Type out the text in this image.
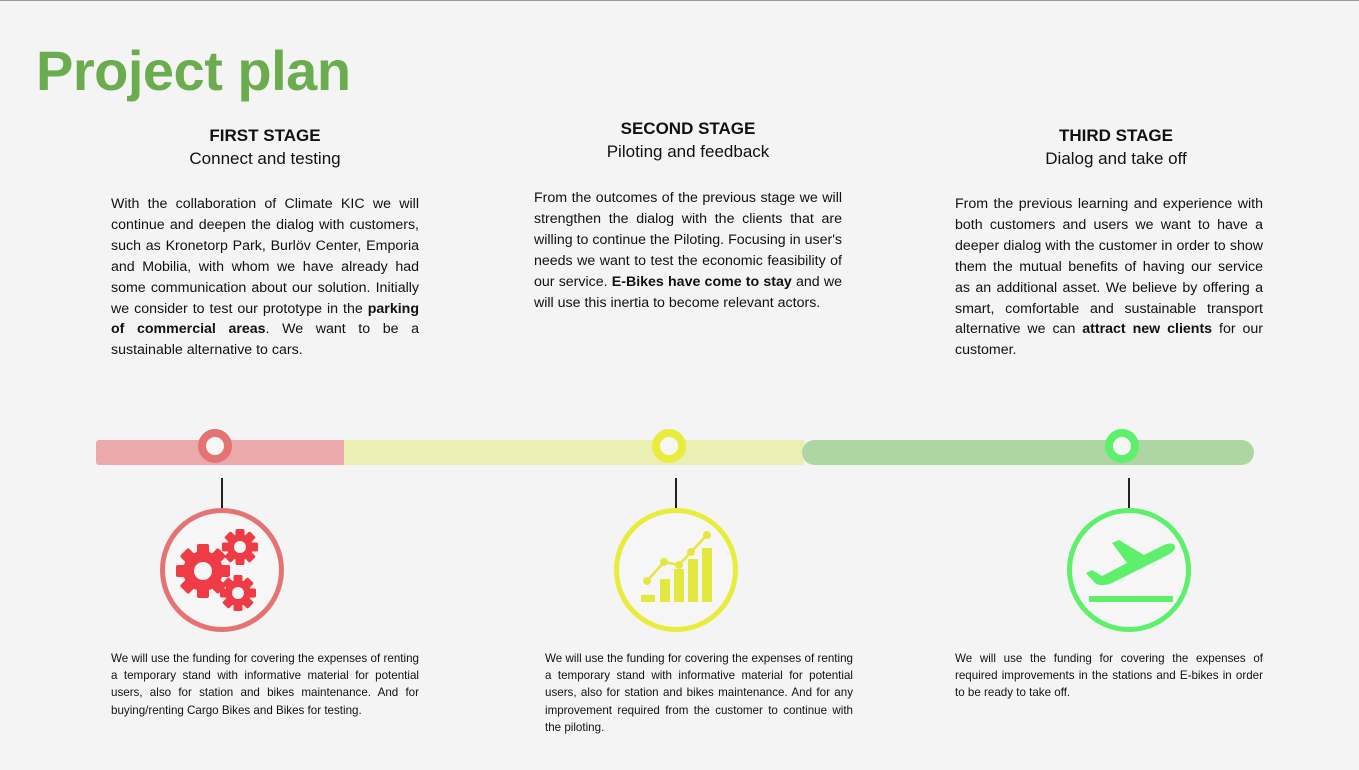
Project plan
FIRST STAGE
Connect and testing
SECOND STAGE
Piloting and feedback
THIRD STAGE
Dialog and take off

With the collaboration of Climate KIC we will continue and deepen the dialog with customers, such as Kronetorp Park, Burlöv Center, Emporia and Mobilia, with whom we have already had some communication about our solution. Initially we consider to test our prototype in the parking of commercial areas. We want to be a sustainable alternative to cars.

From the outcomes of the previous stage we will strengthen the dialog with the clients that are willing to continue the Piloting. Focusing in user's needs we want to test the economic feasibility of our service. E-Bikes have come to stay and we will use this inertia to become relevant actors.

From the previous learning and experience with both customers and users we want to have a deeper dialog with the customer in order to show them the mutual benefits of having our service as an additional asset. We believe by offering a smart, comfortable and sustainable transport alternative we can attract new clients for our customer.

We will use the funding for covering the expenses of renting a temporary stand with informative material for potential users, also for station and bikes maintenance. And for buying/renting Cargo Bikes and Bikes for testing.

We will use the funding for covering the expenses of renting a temporary stand with informative material for potential users, also for station and bikes maintenance. And for any improvement required from the customer to continue with the piloting.

We will use the funding for covering the expenses of required improvements in the stations and E-bikes in order to be ready to take off.
